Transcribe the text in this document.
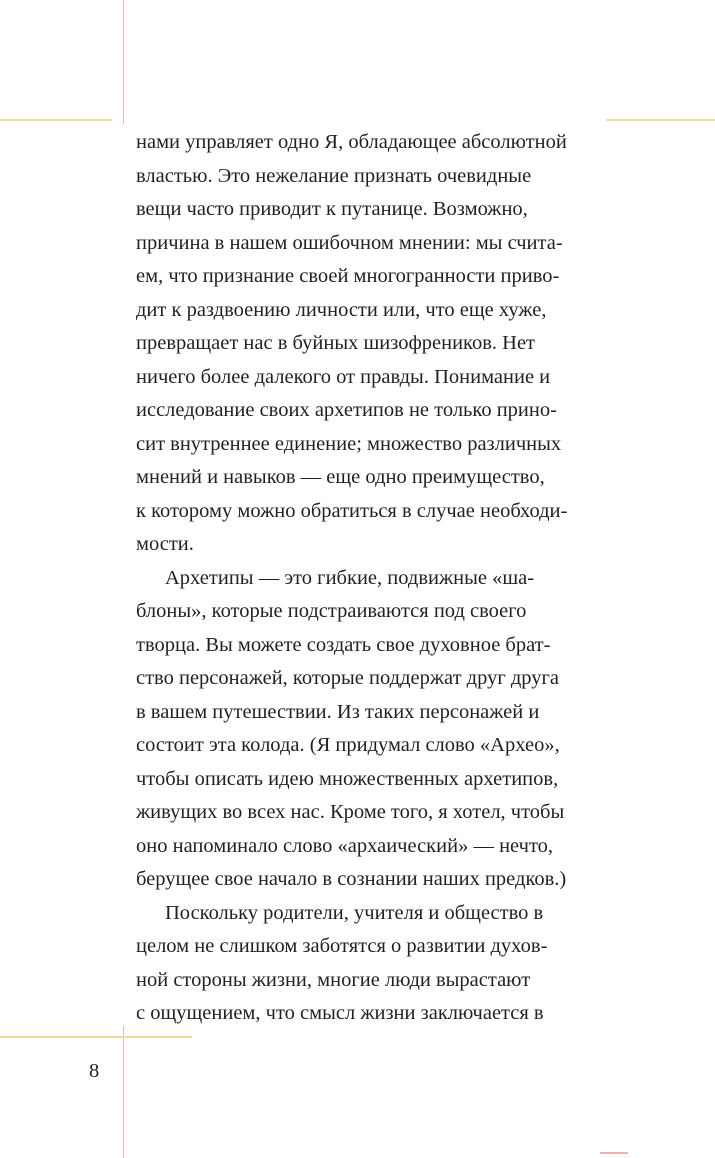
нами управляет одно Я, обладающее абсолютной
властью. Это нежелание признать очевидные
вещи часто приводит к путанице. Возможно,
причина в нашем ошибочном мнении: мы счита-
ем, что признание своей многогранности приво-
дит к раздвоению личности или, что еще хуже,
превращает нас в буйных шизофреников. Нет
ничего более далекого от правды. Понимание и
исследование своих архетипов не только прино-
сит внутреннее единение; множество различных
мнений и навыков — еще одно преимущество,
к которому можно обратиться в случае необходи-
мости.
Архетипы — это гибкие, подвижные «ша-
блоны», которые подстраиваются под своего
творца. Вы можете создать свое духовное брат-
ство персонажей, которые поддержат друг друга
в вашем путешествии. Из таких персонажей и
состоит эта колода. (Я придумал слово «Архео»,
чтобы описать идею множественных архетипов,
живущих во всех нас. Кроме того, я хотел, чтобы
оно напоминало слово «архаический» — нечто,
берущее свое начало в сознании наших предков.)
Поскольку родители, учителя и общество в
целом не слишком заботятся о развитии духов-
ной стороны жизни, многие люди вырастают
с ощущением, что смысл жизни заключается в
8
